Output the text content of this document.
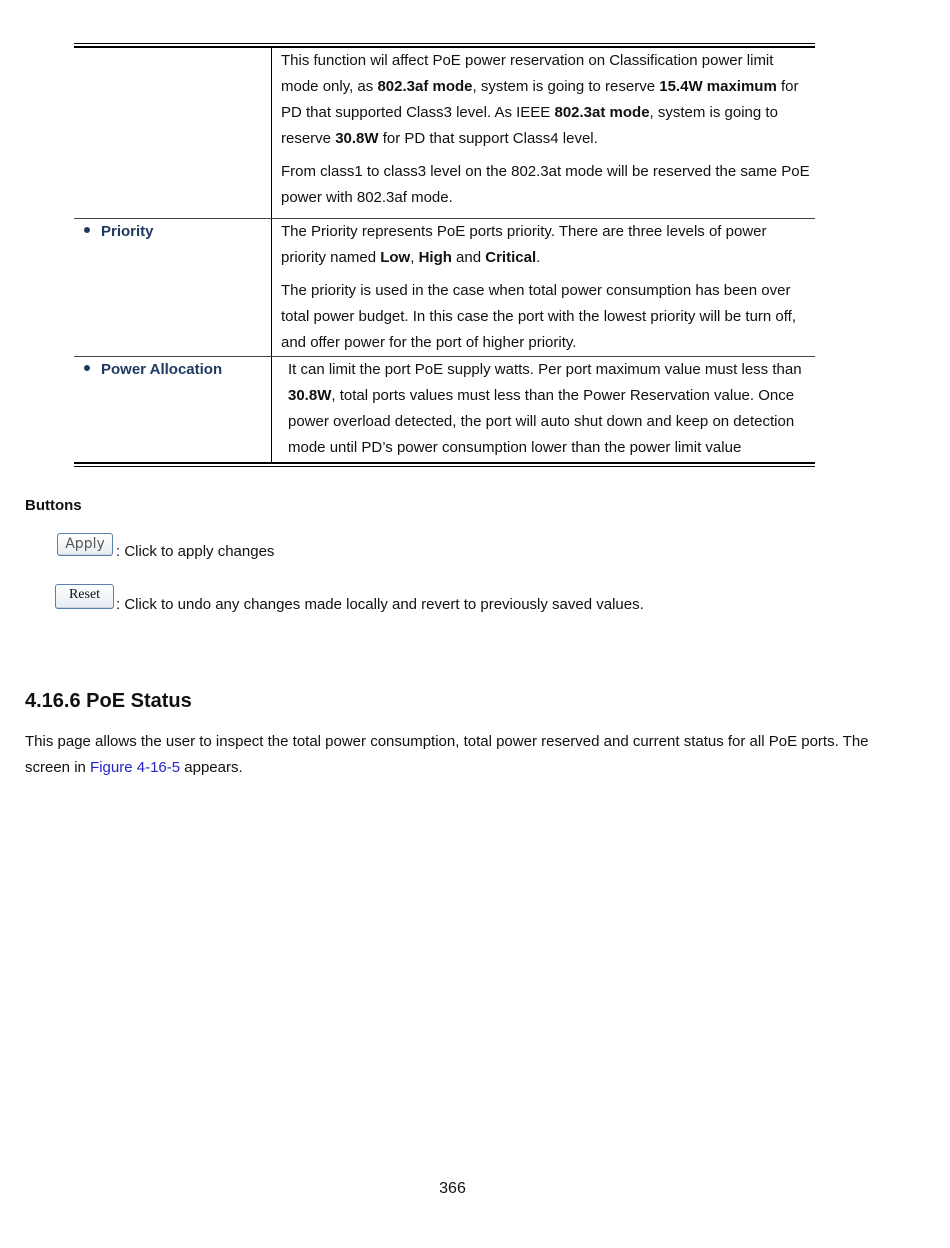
This function wil affect PoE power reservation on Classification power limit mode only, as 802.3af mode, system is going to reserve 15.4W maximum for PD that supported Class3 level. As IEEE 802.3at mode, system is going to reserve 30.8W for PD that support Class4 level.

From class1 to class3 level on the 802.3at mode will be reserved the same PoE power with 802.3af mode.

Priority	The Priority represents PoE ports priority. There are three levels of power priority named Low, High and Critical.

The priority is used in the case when total power consumption has been over total power budget. In this case the port with the lowest priority will be turn off, and offer power for the port of higher priority.

Power Allocation	It can limit the port PoE supply watts. Per port maximum value must less than 30.8W, total ports values must less than the Power Reservation value. Once power overload detected, the port will auto shut down and keep on detection mode until PD’s power consumption lower than the power limit value

Buttons
Apply : Click to apply changes
Reset
: Click to undo any changes made locally and revert to previously saved values.
4.16.6 PoE Status
This page allows the user to inspect the total power consumption, total power reserved and current status for all PoE ports. The screen in Figure 4-16-5 appears.
366
